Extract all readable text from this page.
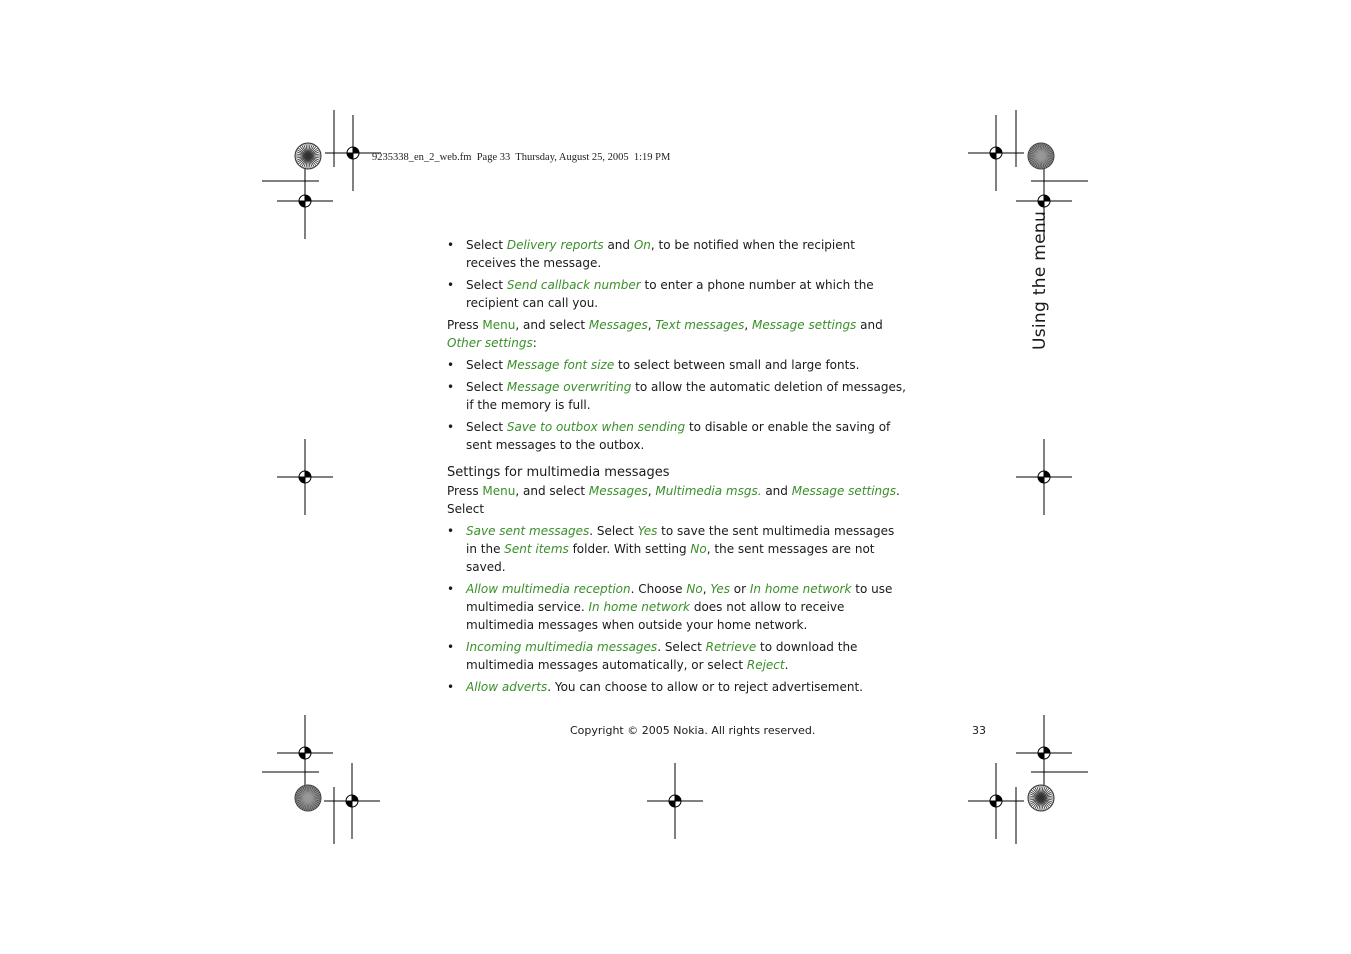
9235338_en_2_web.fm  Page 33  Thursday, August 25, 2005  1:19 PM
Using the menu
• Select Delivery reports and On, to be notified when the recipient receives the message.
• Select Send callback number to enter a phone number at which the recipient can call you.
Press Menu, and select Messages, Text messages, Message settings and Other settings:
• Select Message font size to select between small and large fonts.
• Select Message overwriting to allow the automatic deletion of messages, if the memory is full.
• Select Save to outbox when sending to disable or enable the saving of sent messages to the outbox.
Settings for multimedia messages
Press Menu, and select Messages, Multimedia msgs. and Message settings. Select
• Save sent messages. Select Yes to save the sent multimedia messages in the Sent items folder. With setting No, the sent messages are not saved.
• Allow multimedia reception. Choose No, Yes or In home network to use multimedia service. In home network does not allow to receive multimedia messages when outside your home network.
• Incoming multimedia messages. Select Retrieve to download the multimedia messages automatically, or select Reject.
• Allow adverts. You can choose to allow or to reject advertisement.
Copyright © 2005 Nokia. All rights reserved.	33
